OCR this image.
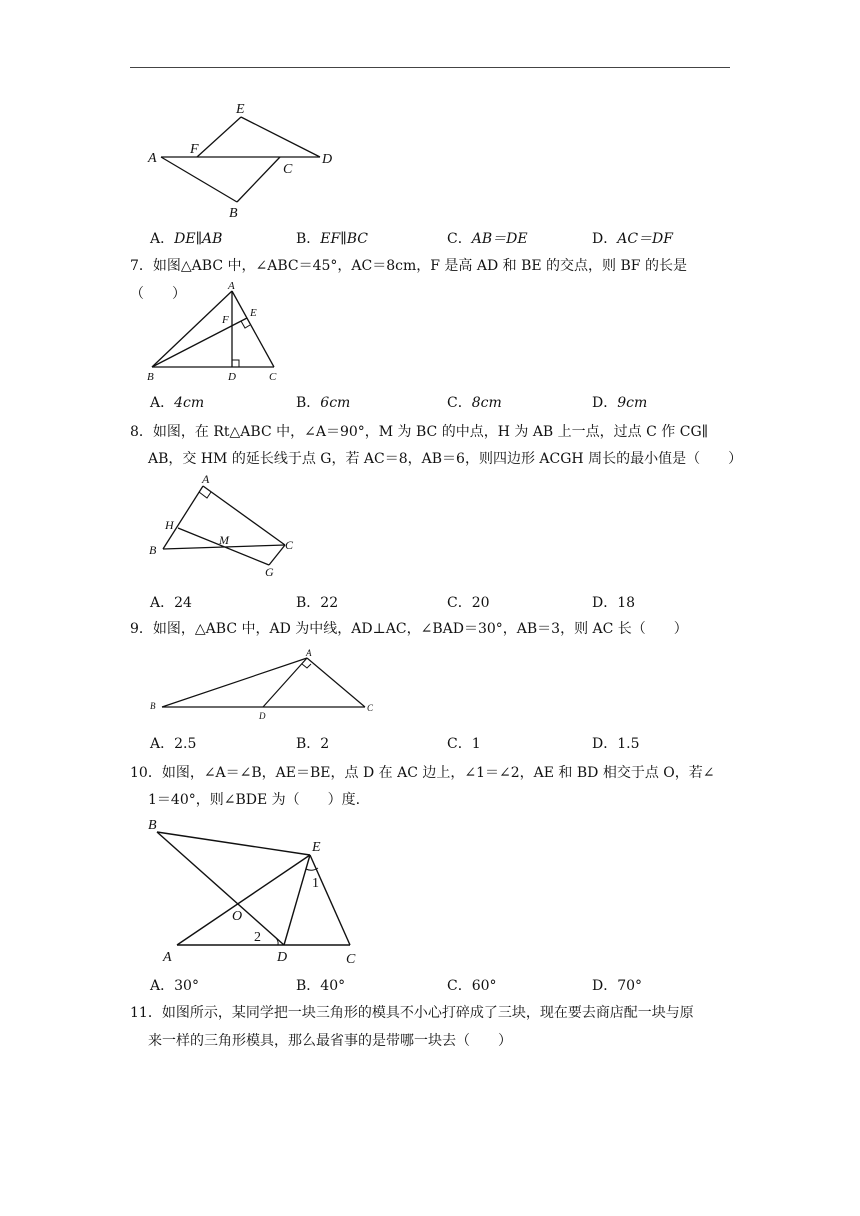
A
F
E
C
D
B
A．DE∥AB	B．EF∥BC	C．AB＝DE	D．AC＝DF
7．如图△ABC 中，∠ABC＝45°，AC＝8cm，F 是高 AD 和 BE 的交点，则 BF 的长是（　　）	A
F
E
B	D	C
A．4cm	B．6cm	C．8cm	D．9cm
8．如图，在 Rt△ABC 中，∠A＝90°，M 为 BC 的中点，H 为 AB 上一点，过点 C 作 CG∥
AB，交 HM 的延长线于点 G，若 AC＝8，AB＝6，则四边形 ACGH 周长的最小值是（　　）
A
H
B
M	C
G
A．24	B．22	C．20	D．18
9．如图，△ABC 中，AD 为中线，AD⊥AC，∠BAD＝30°，AB＝3，则 AC 长（　　）
A
B
D
C
A．2.5	B．2	C．1	D．1.5
10．如图，∠A＝∠B，AE＝BE，点 D 在 AC 边上，∠1＝∠2，AE 和 BD 相交于点 O，若∠
1＝40°，则∠BDE 为（　　）度.
B
E
1
O
2
A	D	C
A．30°	B．40°	C．60°	D．70°
11．如图所示，某同学把一块三角形的模具不小心打碎成了三块，现在要去商店配一块与原
来一样的三角形模具，那么最省事的是带哪一块去（　　）
